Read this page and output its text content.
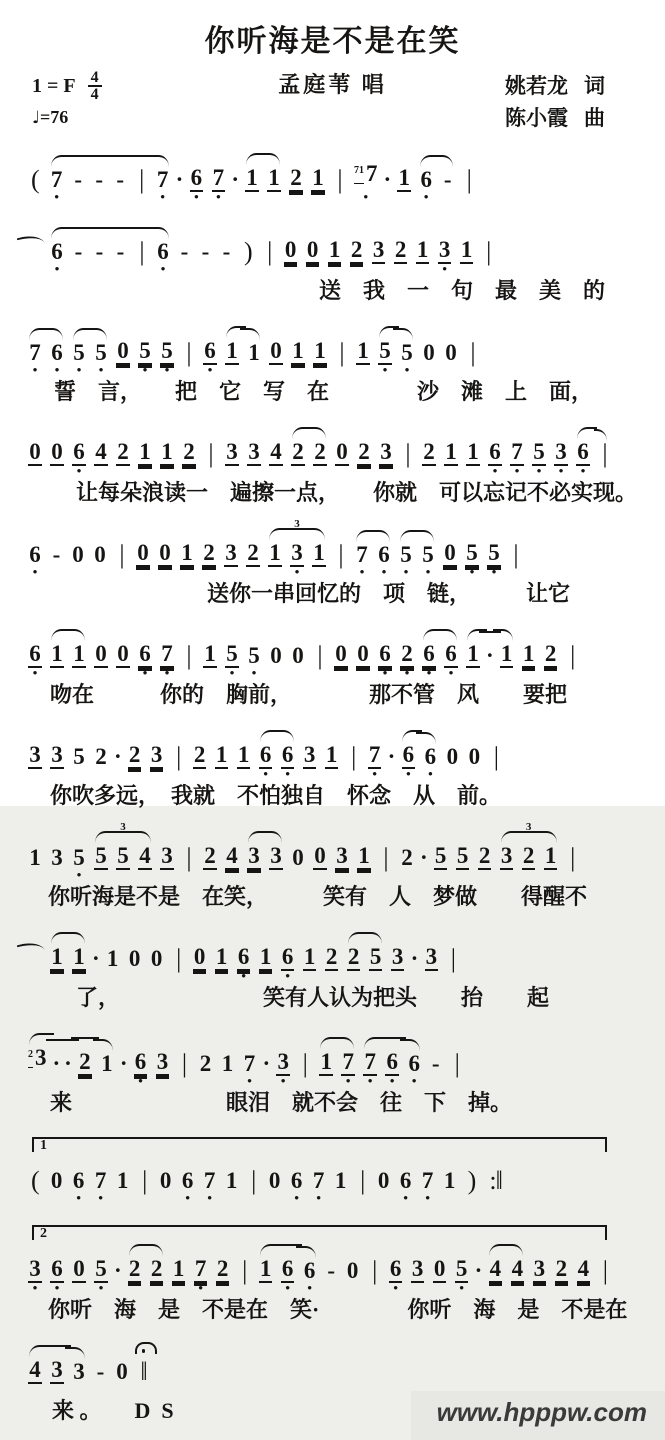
你听海是不是在笑
1 = F $\frac{4}{4}$
♩=76
孟庭苇 唱	姚若龙 词
陈小霞 曲
( 7
•
- - - | 7
•
· 6
•
7
•
· 1 1 2 1 | 717
•
· 1 6
•
- |
6
•
- - - | 6
•
- - - ) | 0 0 1 2 3 2 1 3
•
1 |
送　我　一　句　最　美　的
7
•
6
•
5
•
5
•
0 5
•
5
•
| 6
•
1 1 0 1 1 | 1 5
•
5
•
0 0 |
誓　言，　　把　它　写　在　　　　沙　滩　上　面，
0 0 6
•
4 2 1 1 2 | 3 3 4 2 2 0 2 3 | 2 1 1 6
•
7
•
5
•
3
•
6
•
|
让每朵浪读一　遍擦一点，　　你就　可以忘记不必实现。
6
•
- 0 0 | 0 0 1 2 3 2 1
3
3
•
1 | 7
•
6
•
5
•
5
•
0 5
•
5
•
|
送你一串回忆的　项　链，　　　让它
6
•
1 1 0 0 6
•
7
•
| 1 5
•
5
•
0 0 | 0 0 6
•
2
•
6
•
6
•
1 · 1 1 2 |
吻在　　　你的　胸前，　　　　那不管　风　　要把
3 3 5 2 · 2 3 | 2 1 1 6
•
6
•
3 1 | 7
•
· 6
•
6
•
0 0 |
你吹多远，　我就　不怕独自　怀念　从　前。
1 3 5
•
5
3
5 4 3 | 2 4 3 3 0 0 3 1 | 2 · 5 5 2 3
3
2 1 |
你听海是不是　在笑，　　　笑有　人　梦做　　得醒不
1 1 · 1 0 0 | 0 1 6
•
1 6
•
1 2 2 5 3 · 3 |
了，　　　　　　　笑有人认为把头　　抬　　起
23 · · 2 1 · 6
•
3 | 2 1 7
•
· 3
•
| 1 7
•
7
•
6
•
6
•
- |
来　　　　　　　眼泪　就不会　往　下　掉。
1
( 0 6
•
7
•
1 | 0 6
•
7
•
1 | 0 6
•
7
•
1 | 0 6
•
7
•
1 ) :‖
2
3
•
6
•
0 5
•
· 2 2 1 7
•
2 | 1 6
•
6
•
- 0 | 6
•
3 0 5
•
· 4 4 3 2 4 |
你听　海　是　不是在　笑·　　　　你听　海　是　不是在
4 3 3 - 0 ‖
来 。　　D  S	www.hpppw.com
